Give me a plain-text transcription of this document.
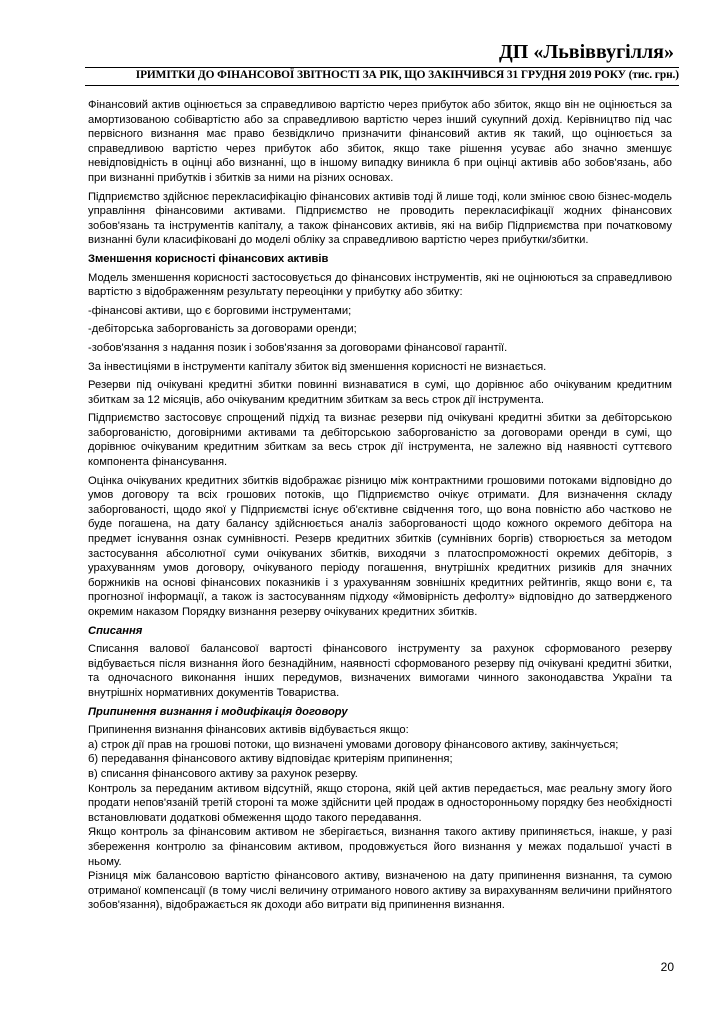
ДП «Львіввугілля»
ІРИМІТКИ ДО ФІНАНСОВОЇ ЗВІТНОСТІ ЗА РІК, ЩО ЗАКІНЧИВСЯ 31 ГРУДНЯ 2019 РОКУ (тис. грн.)

Фінансовий актив оцінюється за справедливою вартістю через прибуток або збиток, якщо він не оцінюється за амортизованою собівартістю або за справедливою вартістю через інший сукупний дохід. Керівництво під час первісного визнання має право безвідкличо призначити фінансовий актив як такий, що оцінюється за справедливою вартістю через прибуток або збиток, якщо таке рішення усуває або значно зменшує невідповідність в оцінці або визнанні, що в іншому випадку виникла б при оцінці активів або зобов'язань, або при визнанні прибутків і збитків за ними на різних основах.

Підприємство здійснює перекласифікацію фінансових активів тоді й лише тоді, коли змінює свою бізнес-модель управління фінансовими активами. Підприємство не проводить перекласифікації жодних фінансових зобов'язань та інструментів капіталу, а також фінансових активів, які на вибір Підприємства при початковому визнанні були класифіковані до моделі обліку за справедливою вартістю через прибутки/збитки.

Зменшення корисності фінансових активів

Модель зменшення корисності застосовується до фінансових інструментів, які не оцінюються за справедливою вартістю з відображенням результату переоцінки у прибутку або збитку:

-фінансові активи, що є борговими інструментами;

-дебіторська заборгованість за договорами оренди;

-зобов'язання з надання позик і зобов'язання за договорами фінансової гарантії.

За інвестиціями в інструменти капіталу збиток від зменшення корисності не визнається.

Резерви під очікувані кредитні збитки повинні визнаватися в сумі, що дорівнює або очікуваним кредитним збиткам за 12 місяців, або очікуваним кредитним збиткам за весь строк дії інструмента.

Підприємство застосовує спрощений підхід та визнає резерви під очікувані кредитні збитки за дебіторською заборгованістю, договірними активами та дебіторською заборгованістю за договорами оренди в сумі, що дорівнює очікуваним кредитним збиткам за весь строк дії інструмента, не залежно від наявності суттєвого компонента фінансування.

Оцінка очікуваних кредитних збитків відображає різницю між контрактними грошовими потоками відповідно до умов договору та всіх грошових потоків, що Підприємство очікує отримати. Для визначення складу заборгованості, щодо якої у Підприємстві існує об'єктивне свідчення того, що вона повністю або частково не буде погашена, на дату балансу здійснюється аналіз заборгованості щодо кожного окремого дебітора на предмет існування ознак сумнівності. Резерв кредитних збитків (сумнівних боргів) створюється за методом застосування абсолютної суми очікуваних збитків, виходячи з платоспроможності окремих дебіторів, з урахуванням умов договору, очікуваного періоду погашення, внутрішніх кредитних ризиків для значних боржників на основі фінансових показників і з урахуванням зовнішніх кредитних рейтингів, якщо вони є, та прогнозної інформації, а також із застосуванням підходу «ймовірність дефолту» відповідно до затвердженого окремим наказом Порядку визнання резерву очікуваних кредитних збитків.

Списання

Списання валової балансової вартості фінансового інструменту за рахунок сформованого резерву відбувається після визнання його безнадійним, наявності сформованого резерву під очікувані кредитні збитки, та одночасного виконання інших передумов, визначених вимогами чинного законодавства України та внутрішніх нормативних документів Товариства.

Припинення визнання і модифікація договору

Припинення визнання фінансових активів відбувається якщо:

а) строк дії прав на грошові потоки, що визначені умовами договору фінансового активу, закінчується;

б) передавання фінансового активу відповідає критеріям припинення;

в) списання фінансового активу за рахунок резерву.

Контроль за переданим активом відсутній, якщо сторона, якій цей актив передається, має реальну змогу його продати непов'язаній третій стороні та може здійснити цей продаж в односторонньому порядку без необхідності встановлювати додаткові обмеження щодо такого передавання.

Якщо контроль за фінансовим активом не зберігається, визнання такого активу припиняється, інакше, у разі збереження контролю за фінансовим активом, продовжується його визнання у межах подальшої участі в ньому.

Різниця між балансовою вартістю фінансового активу, визначеною на дату припинення визнання, та сумою отриманої компенсації (в тому числі величину отриманого нового активу за вирахуванням величини прийнятого зобов'язання), відображається як доходи або витрати від припинення визнання.

20
